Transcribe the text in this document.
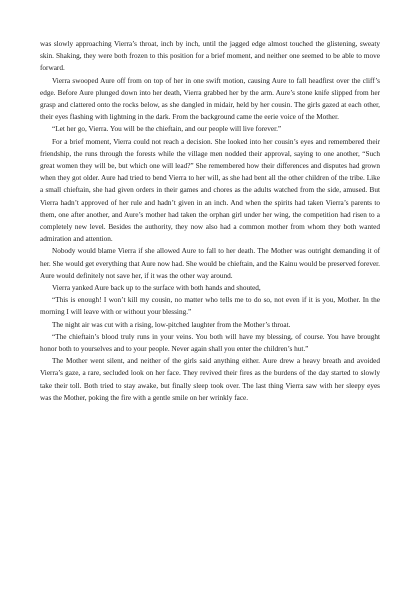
was slowly approaching Vierra’s throat, inch by inch, until the jagged edge almost touched the glistening, sweaty skin. Shaking, they were both frozen to this position for a brief moment, and neither one seemed to be able to move forward.

Vierra swooped Aure off from on top of her in one swift motion, causing Aure to fall headfirst over the cliff’s edge. Before Aure plunged down into her death, Vierra grabbed her by the arm. Aure’s stone knife slipped from her grasp and clattered onto the rocks below, as she dangled in midair, held by her cousin. The girls gazed at each other, their eyes flashing with lightning in the dark. From the background came the eerie voice of the Mother.

“Let her go, Vierra. You will be the chieftain, and our people will live forever.”

For a brief moment, Vierra could not reach a decision. She looked into her cousin’s eyes and remembered their friendship, the runs through the forests while the village men nodded their approval, saying to one another, “Such great women they will be, but which one will lead?” She remembered how their differences and disputes had grown when they got older. Aure had tried to bend Vierra to her will, as she had bent all the other children of the tribe. Like a small chieftain, she had given orders in their games and chores as the adults watched from the side, amused. But Vierra hadn’t approved of her rule and hadn’t given in an inch. And when the spirits had taken Vierra’s parents to them, one after another, and Aure’s mother had taken the orphan girl under her wing, the competition had risen to a completely new level. Besides the authority, they now also had a common mother from whom they both wanted admiration and attention.

Nobody would blame Vierra if she allowed Aure to fall to her death. The Mother was outright demanding it of her. She would get everything that Aure now had. She would be chieftain, and the Kainu would be preserved forever. Aure would definitely not save her, if it was the other way around.

Vierra yanked Aure back up to the surface with both hands and shouted,

“This is enough! I won’t kill my cousin, no matter who tells me to do so, not even if it is you, Mother. In the morning I will leave with or without your blessing.”

The night air was cut with a rising, low-pitched laughter from the Mother’s throat.

“The chieftain’s blood truly runs in your veins. You both will have my blessing, of course. You have brought honor both to yourselves and to your people. Never again shall you enter the children’s hut.”

The Mother went silent, and neither of the girls said anything either. Aure drew a heavy breath and avoided Vierra’s gaze, a rare, secluded look on her face. They revived their fires as the burdens of the day started to slowly take their toll. Both tried to stay awake, but finally sleep took over. The last thing Vierra saw with her sleepy eyes was the Mother, poking the fire with a gentle smile on her wrinkly face.
